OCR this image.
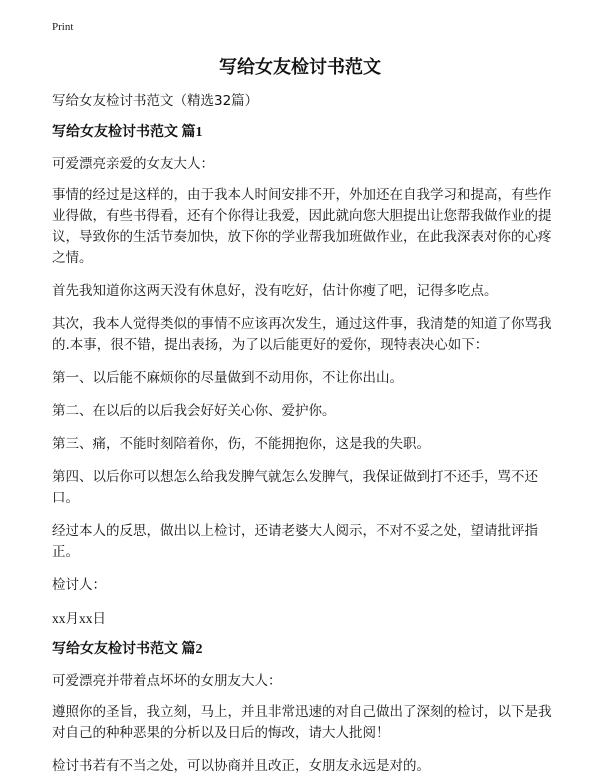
Print
写给女友检讨书范文

写给女友检讨书范文（精选32篇）

写给女友检讨书范文 篇1

可爱漂亮亲爱的女友大人：

事情的经过是这样的，由于我本人时间安排不开，外加还在自我学习和提高，有些作业得做，有些书得看，还有个你得让我爱，因此就向您大胆提出让您帮我做作业的提议，导致你的生活节奏加快，放下你的学业帮我加班做作业，在此我深表对你的心疼之情。

首先我知道你这两天没有休息好，没有吃好，估计你瘦了吧，记得多吃点。

其次，我本人觉得类似的事情不应该再次发生，通过这件事，我清楚的知道了你骂我的.本事，很不错，提出表扬，为了以后能更好的爱你，现特表决心如下：

第一、以后能不麻烦你的尽量做到不动用你，不让你出山。

第二、在以后的以后我会好好关心你、爱护你。

第三、痛，不能时刻陪着你，伤，不能拥抱你，这是我的失职。

第四、以后你可以想怎么给我发脾气就怎么发脾气，我保证做到打不还手，骂不还口。

经过本人的反思，做出以上检讨，还请老婆大人阅示，不对不妥之处，望请批评指正。

检讨人：

xx月xx日

写给女友检讨书范文 篇2

可爱漂亮并带着点坏坏的女朋友大人：

遵照你的圣旨，我立刻，马上，并且非常迅速的对自己做出了深刻的检讨，以下是我对自己的种种恶果的分析以及日后的悔改，请大人批阅！

检讨书若有不当之处，可以协商并且改正，女朋友永远是对的。
